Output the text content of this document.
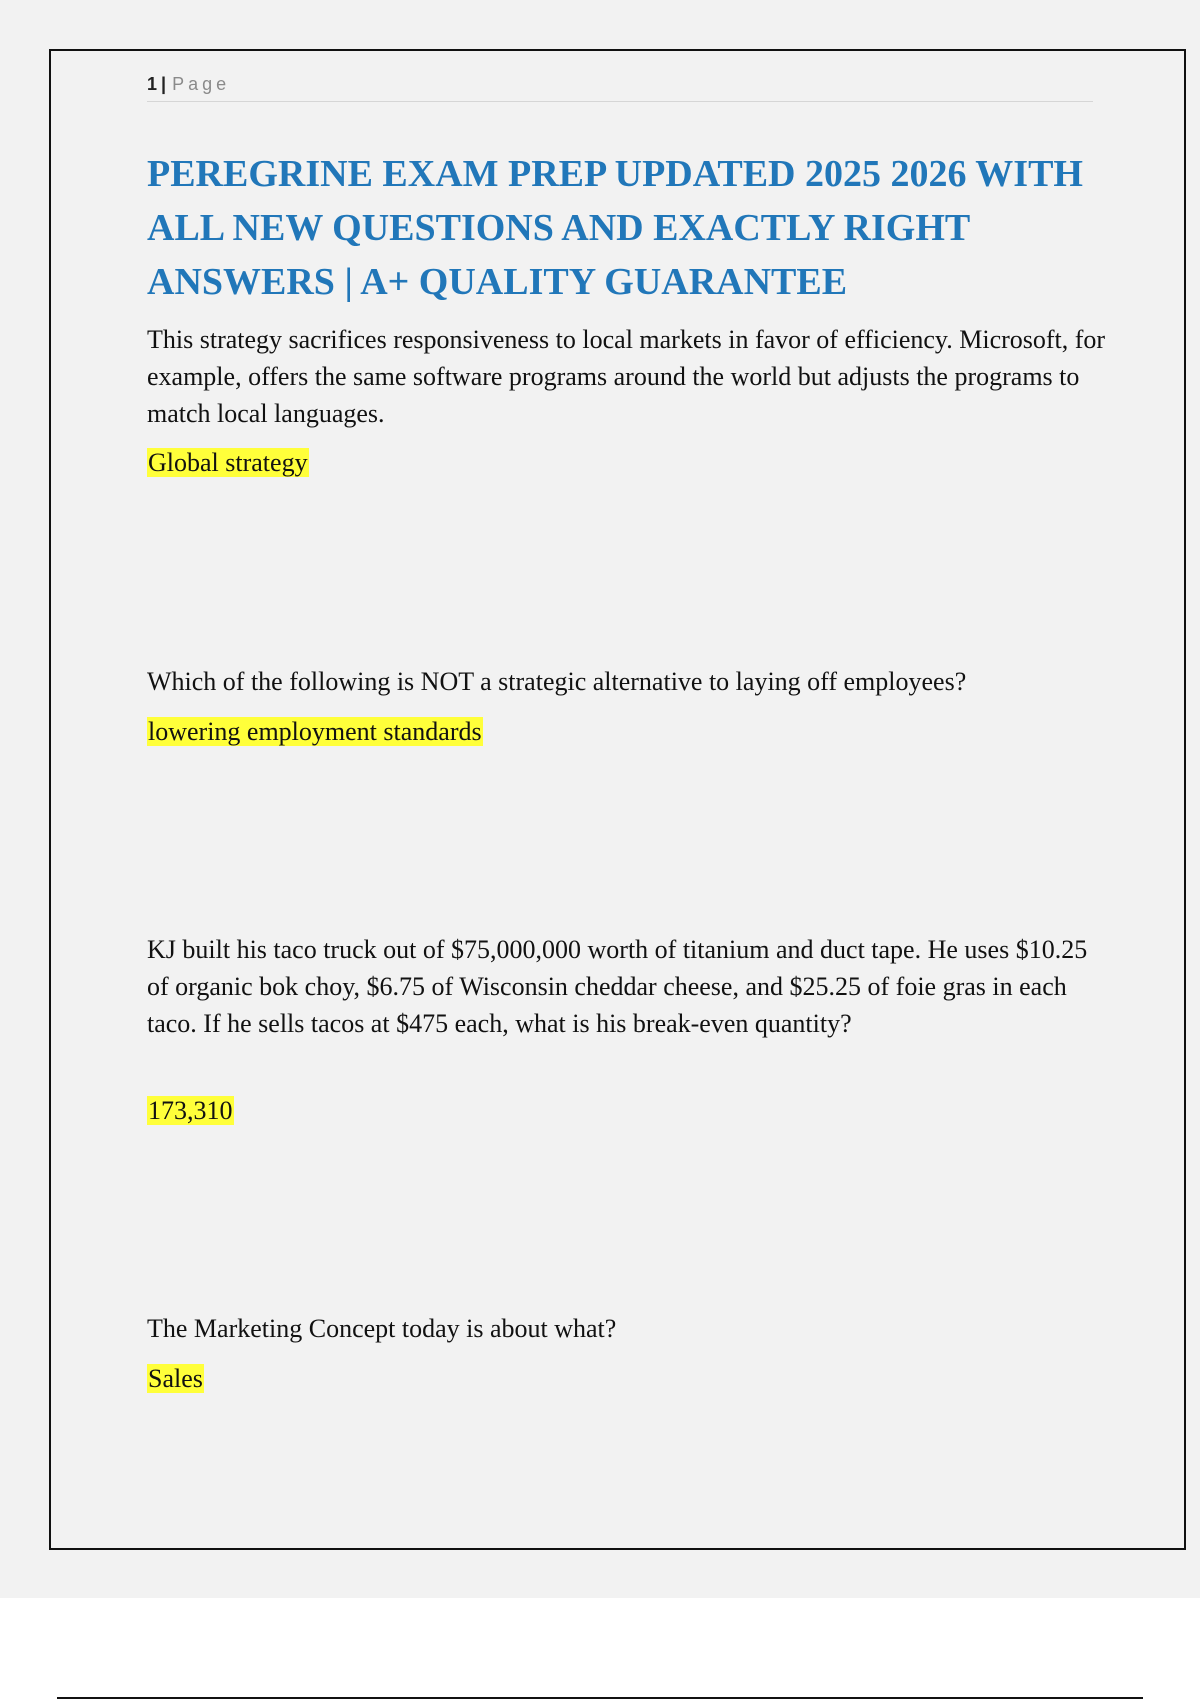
1 | Page
PEREGRINE EXAM PREP UPDATED 2025 2026 WITH ALL NEW QUESTIONS AND EXACTLY RIGHT ANSWERS | A+ QUALITY GUARANTEE
This strategy sacrifices responsiveness to local markets in favor of efficiency. Microsoft, for example, offers the same software programs around the world but adjusts the programs to match local languages.
Global strategy
Which of the following is NOT a strategic alternative to laying off employees?
lowering employment standards
KJ built his taco truck out of $75,000,000 worth of titanium and duct tape. He uses $10.25 of organic bok choy, $6.75 of Wisconsin cheddar cheese, and $25.25 of foie gras in each taco. If he sells tacos at $475 each, what is his break-even quantity?
173,310
The Marketing Concept today is about what?
Sales
